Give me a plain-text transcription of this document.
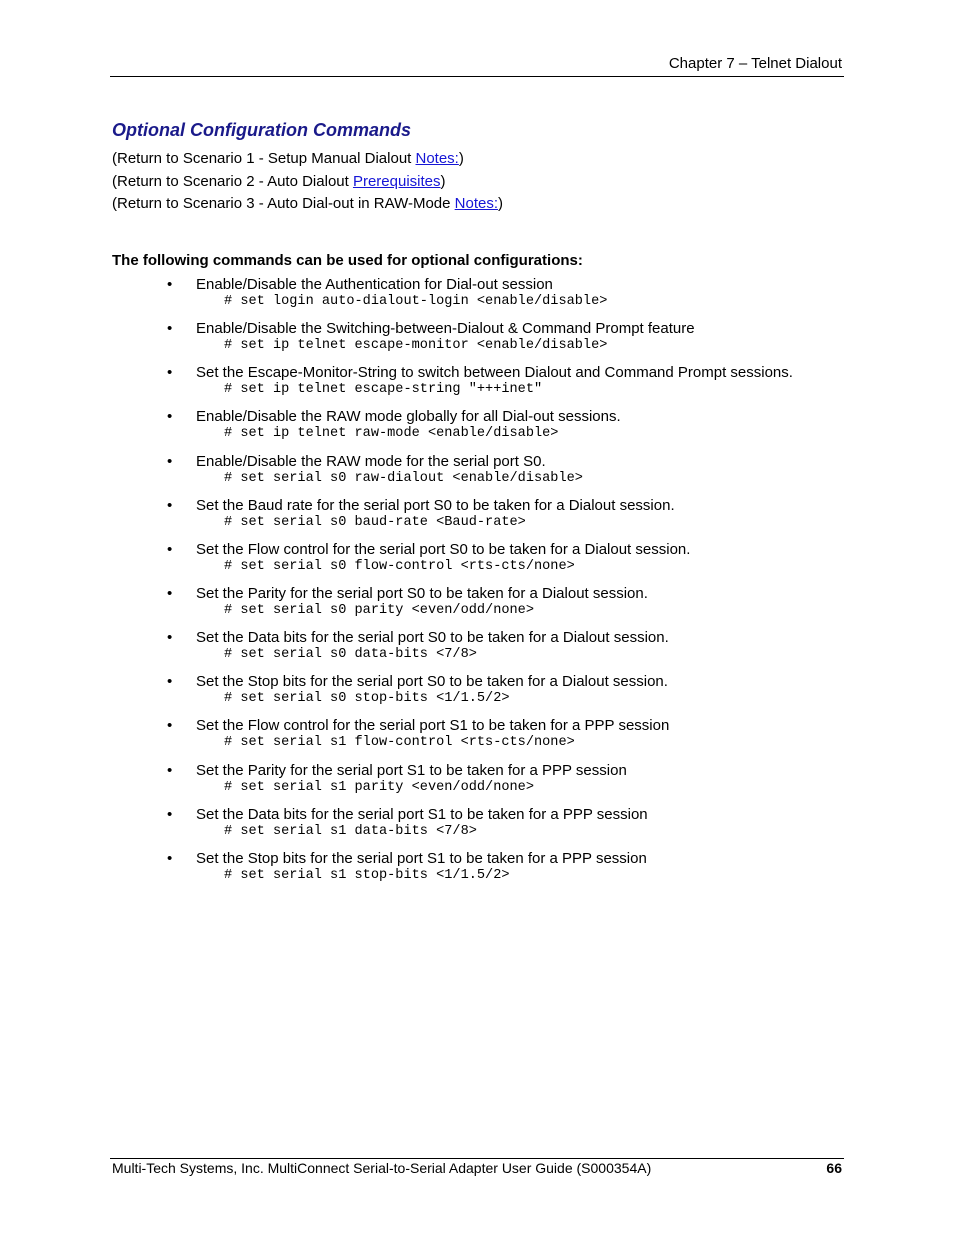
Chapter 7 – Telnet Dialout
Optional Configuration Commands
(Return to Scenario 1 - Setup Manual Dialout Notes:)
(Return to Scenario 2 - Auto Dialout Prerequisites)
(Return to Scenario 3 - Auto Dial-out in RAW-Mode Notes:)
The following commands can be used for optional configurations:
• Enable/Disable the Authentication for Dial-out session
# set login auto-dialout-login <enable/disable>
• Enable/Disable the Switching-between-Dialout & Command Prompt feature
# set ip telnet escape-monitor <enable/disable>
• Set the Escape-Monitor-String to switch between Dialout and Command Prompt sessions.
# set ip telnet escape-string "+++inet"
• Enable/Disable the RAW mode globally for all Dial-out sessions.
# set ip telnet raw-mode <enable/disable>
• Enable/Disable the RAW mode for the serial port S0.
# set serial s0 raw-dialout <enable/disable>
• Set the Baud rate for the serial port S0 to be taken for a Dialout session.
# set serial s0 baud-rate <Baud-rate>
• Set the Flow control for the serial port S0 to be taken for a Dialout session.
# set serial s0 flow-control <rts-cts/none>
• Set the Parity for the serial port S0 to be taken for a Dialout session.
# set serial s0 parity <even/odd/none>
• Set the Data bits for the serial port S0 to be taken for a Dialout session.
# set serial s0 data-bits <7/8>
• Set the Stop bits for the serial port S0 to be taken for a Dialout session.
# set serial s0 stop-bits <1/1.5/2>
• Set the Flow control for the serial port S1 to be taken for a PPP session
# set serial s1 flow-control <rts-cts/none>
• Set the Parity for the serial port S1 to be taken for a PPP session
# set serial s1 parity <even/odd/none>
• Set the Data bits for the serial port S1 to be taken for a PPP session
# set serial s1 data-bits <7/8>
• Set the Stop bits for the serial port S1 to be taken for a PPP session
# set serial s1 stop-bits <1/1.5/2>
Multi-Tech Systems, Inc. MultiConnect Serial-to-Serial Adapter User Guide (S000354A)	66
